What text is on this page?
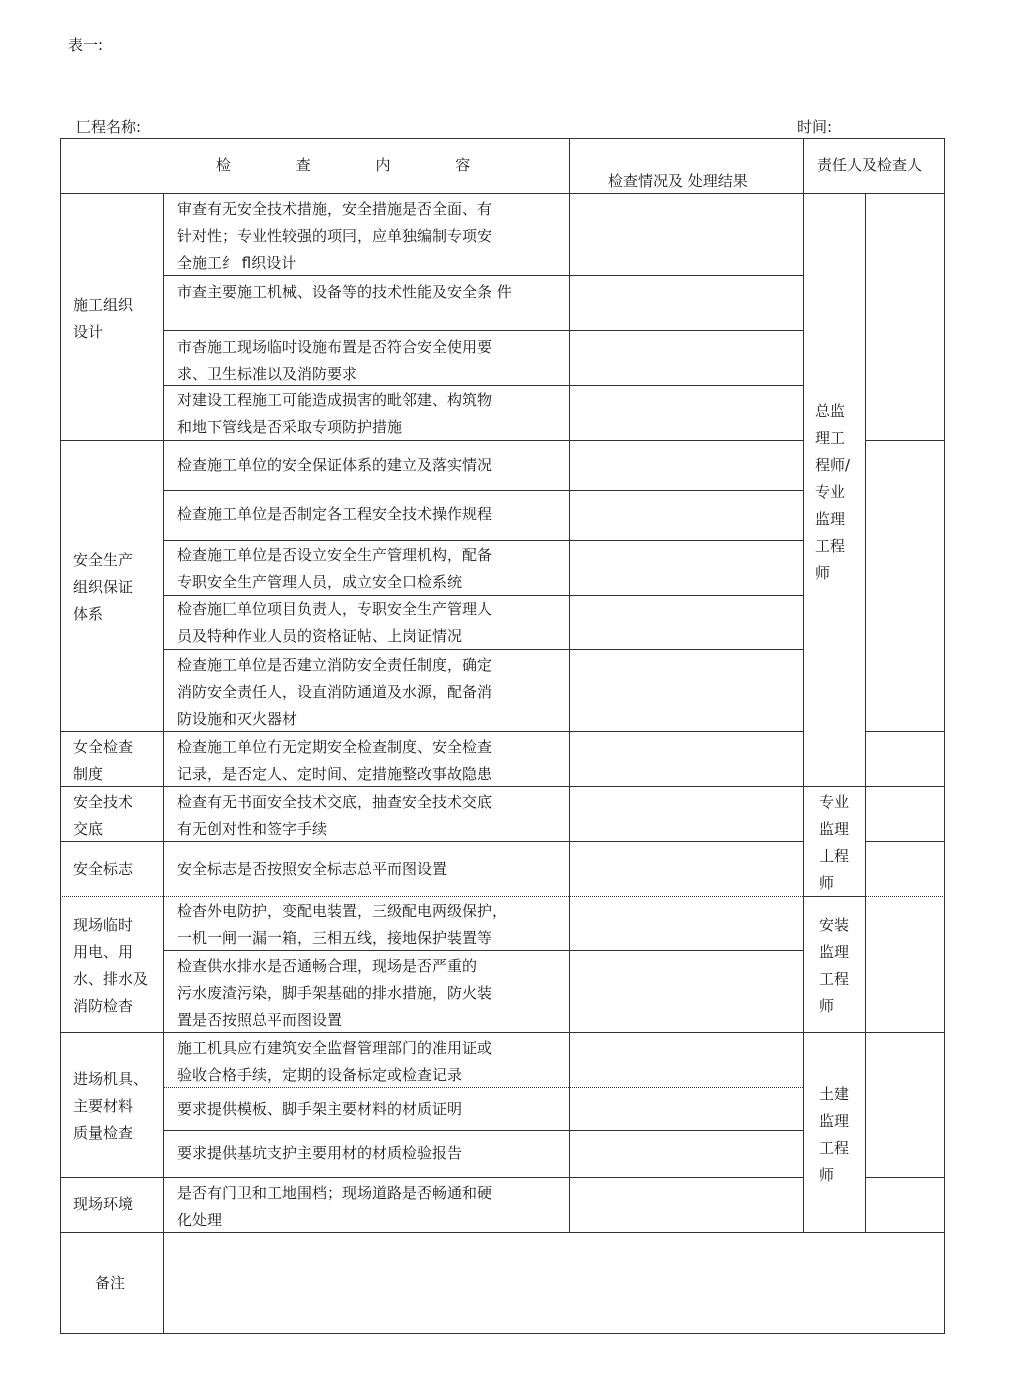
表一:
匚程名称:	时间:
检 查 内 容
检查情况及 处理结果
责任人及检查人
施工组织
设计
安全生产
组织保证
体系
女全检查
制度
安全技术
交底
安全标志
现场临时
用电、用
水、排水及
消防检杳
进场机具、
主要材料
质量检查
现场环境
备注
审查有无安全技术措施，安全措施是否全面、有
针对性；专业性较强的项冃，应单独编制专项安
全施工纟 fl织设计
市查主要施工机械、设备等的技术性能及安全条 件
市杳施工现场临吋设施布置是否符合安全使用要
求、卫生标准以及消防要求
对建设工程施工可能造成损害的毗邻建、构筑物
和地下管线是否采取专项防护措施
检查施工单位的安全保证体系的建立及落实情况
检查施工单位是否制定各工程安全技术操作规程
检查施工单位是否设立安全生产管理机构，配备
专职安全生产管理人员，成立安全口检系统
检杳施匚单位项目负责人，专职安全生产管理人
员及特种作业人员的资格证帖、上岗证情况
检查施工单位是否建立消防安全责任制度，确定
消防安全责任人，设直消防通道及水源，配备消
防设施和灭火器材
检查施工单位冇无定期安全检查制度、安全检查
记录，是否定人、定时间、定措施整改事故隐患
检查有无书面安全技术交底，抽查安全技术交底
有无创对性和签字手续
安全标志是否按照安全标志总平而图设置
检杳外电防护，变配电装置，三级配电两级保护，
一机一闸一漏一箱，三相五线，接地保护装置等
检查供水排水是否通畅合理，现场是否严重的
污水废渣污染，脚手架基础的排水措施，防火装
置是否按照总平而图设置
施工机具应冇建筑安全监督管理部门的准用证或
验收合格手续，定期的设备标定或检查记录
要求提供模板、脚手架主要材料的材质证明
要求提供基坑支护主要用材的材质检验报告
是否有门卫和工地围档；现场道路是否畅通和硬
化处理
总监
理工
程师/
专业
监理
工程
师
专业
监理
丄程
师
安装
监理
工程
师
土建
监理
工程
师
